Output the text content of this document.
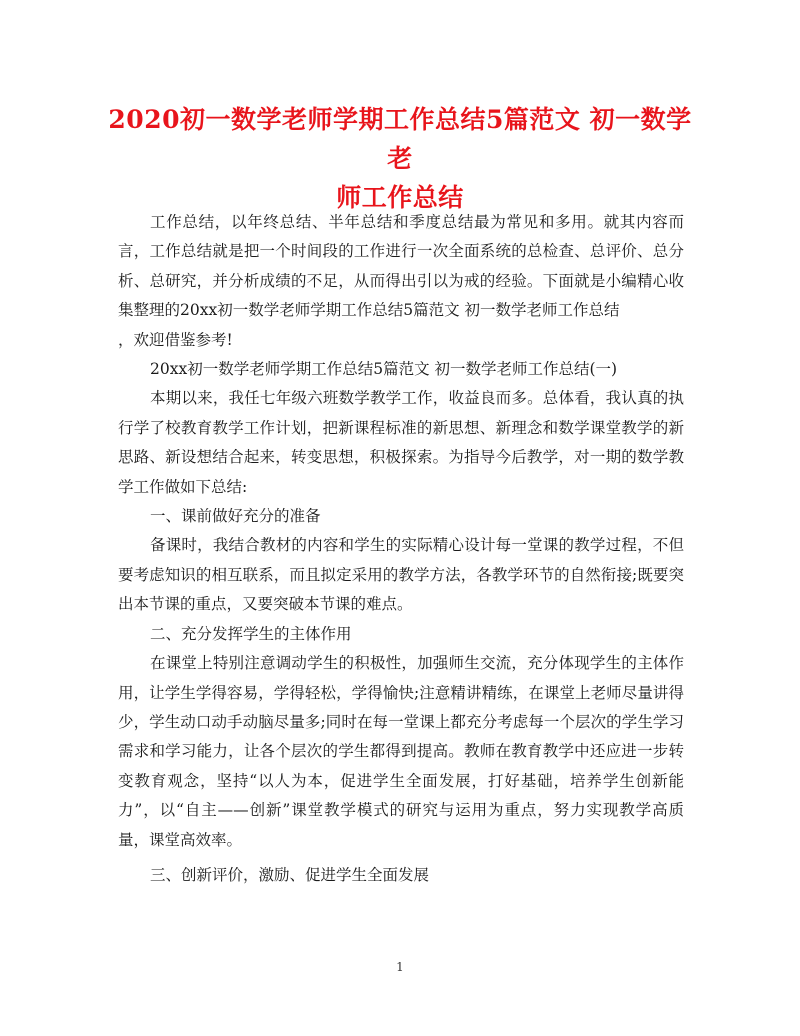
2020初一数学老师学期工作总结5篇范文 初一数学老
师工作总结

工作总结，以年终总结、半年总结和季度总结最为常见和多用。就其内容而言，工作总结就是把一个时间段的工作进行一次全面系统的总检查、总评价、总分析、总研究，并分析成绩的不足，从而得出引以为戒的经验。下面就是小编精心收集整理的20xx初一数学老师学期工作总结5篇范文 初一数学老师工作总结

，欢迎借鉴参考!

20xx初一数学老师学期工作总结5篇范文 初一数学老师工作总结(一)

本期以来，我任七年级六班数学教学工作，收益良而多。总体看，我认真的执行学了校教育教学工作计划，把新课程标准的新思想、新理念和数学课堂教学的新思路、新设想结合起来，转变思想，积极探索。为指导今后教学，对一期的数学教学工作做如下总结:

一、课前做好充分的准备

备课时，我结合教材的内容和学生的实际精心设计每一堂课的教学过程，不但要考虑知识的相互联系，而且拟定采用的教学方法，各教学环节的自然衔接;既要突出本节课的重点，又要突破本节课的难点。

二、充分发挥学生的主体作用

在课堂上特别注意调动学生的积极性，加强师生交流，充分体现学生的主体作用，让学生学得容易，学得轻松，学得愉快;注意精讲精练，在课堂上老师尽量讲得少，学生动口动手动脑尽量多;同时在每一堂课上都充分考虑每一个层次的学生学习需求和学习能力，让各个层次的学生都得到提高。教师在教育教学中还应进一步转变教育观念，坚持“以人为本，促进学生全面发展，打好基础，培养学生创新能力”，以“自主——创新”课堂教学模式的研究与运用为重点，努力实现教学高质量，课堂高效率。

三、创新评价，激励、促进学生全面发展

1
